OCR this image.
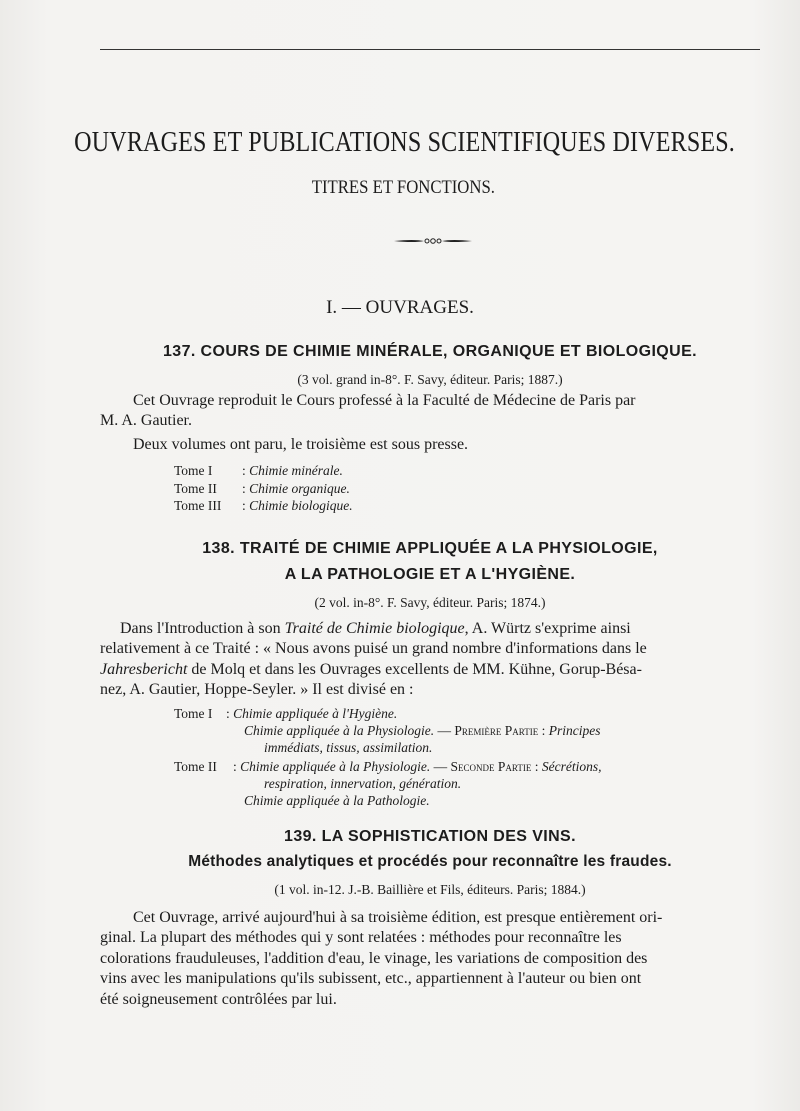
OUVRAGES ET PUBLICATIONS SCIENTIFIQUES DIVERSES.
TITRES ET FONCTIONS.
I. — OUVRAGES.
137. COURS DE CHIMIE MINÉRALE, ORGANIQUE ET BIOLOGIQUE.
(3 vol. grand in-8°. F. Savy, éditeur. Paris; 1887.)
Cet Ouvrage reproduit le Cours professé à la Faculté de Médecine de Paris par
M. A. Gautier.
Deux volumes ont paru, le troisième est sous presse.
Tome I : Chimie minérale.
Tome II : Chimie organique.
Tome III : Chimie biologique.
138. TRAITÉ DE CHIMIE APPLIQUÉE A LA PHYSIOLOGIE,
A LA PATHOLOGIE ET A L'HYGIÈNE.
(2 vol. in-8°. F. Savy, éditeur. Paris; 1874.)
Dans l'Introduction à son Traité de Chimie biologique, A. Würtz s'exprime ainsi
relativement à ce Traité : « Nous avons puisé un grand nombre d'informations dans le
Jahresbericht de Molq et dans les Ouvrages excellents de MM. Kühne, Gorup-Bésa-
nez, A. Gautier, Hoppe-Seyler. » Il est divisé en :
Tome I : Chimie appliquée à l'Hygiène.
Chimie appliquée à la Physiologie. — Première Partie : Principes
immédiats, tissus, assimilation.
Tome II : Chimie appliquée à la Physiologie. — Seconde Partie : Sécrétions,
respiration, innervation, génération.
Chimie appliquée à la Pathologie.
139. LA SOPHISTICATION DES VINS.
Méthodes analytiques et procédés pour reconnaître les fraudes.
(1 vol. in-12. J.-B. Baillière et Fils, éditeurs. Paris; 1884.)
Cet Ouvrage, arrivé aujourd'hui à sa troisième édition, est presque entièrement ori-
ginal. La plupart des méthodes qui y sont relatées : méthodes pour reconnaître les
colorations frauduleuses, l'addition d'eau, le vinage, les variations de composition des
vins avec les manipulations qu'ils subissent, etc., appartiennent à l'auteur ou bien ont
été soigneusement contrôlées par lui.
